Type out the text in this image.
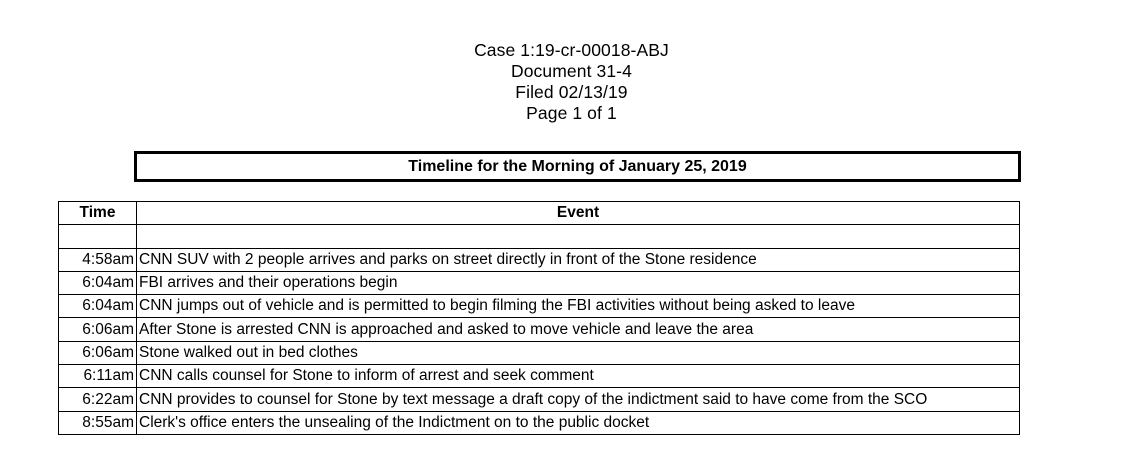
Case 1:19-cr-00018-ABJ
Document 31-4
Filed 02/13/19
Page 1 of 1

Timeline for the Morning of January 25, 2019
Time	Event

4:58am	CNN SUV with 2 people arrives and parks on street directly in front of the Stone residence
6:04am	FBI arrives and their operations begin
6:04am	CNN jumps out of vehicle and is permitted to begin filming the FBI activities without being asked to leave
6:06am	After Stone is arrested CNN is approached and asked to move vehicle and leave the area
6:06am	Stone walked out in bed clothes
6:11am	CNN calls counsel for Stone to inform of arrest and seek comment
6:22am	CNN provides to counsel for Stone by text message a draft copy of the indictment said to have come from the SCO
8:55am	Clerk's office enters the unsealing of the Indictment on to the public docket
